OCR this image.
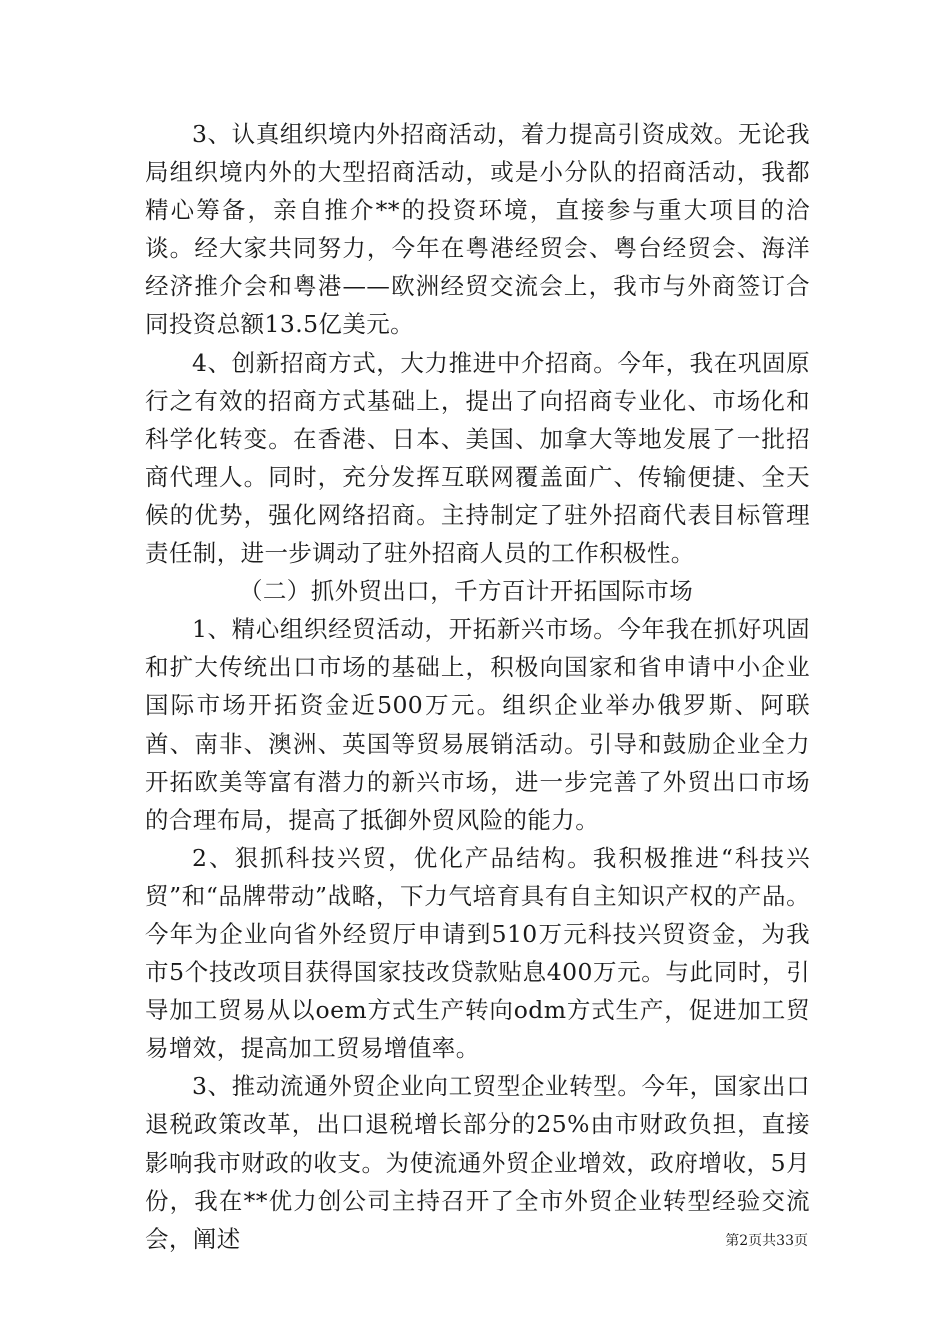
3、认真组织境内外招商活动，着力提高引资成效。无论我局组织境内外的大型招商活动，或是小分队的招商活动，我都精心筹备，亲自推介**的投资环境，直接参与重大项目的洽谈。经大家共同努力，今年在粤港经贸会、粤台经贸会、海洋经济推介会和粤港——欧洲经贸交流会上，我市与外商签订合同投资总额13.5亿美元。

4、创新招商方式，大力推进中介招商。今年，我在巩固原行之有效的招商方式基础上，提出了向招商专业化、市场化和科学化转变。在香港、日本、美国、加拿大等地发展了一批招商代理人。同时，充分发挥互联网覆盖面广、传输便捷、全天候的优势，强化网络招商。主持制定了驻外招商代表目标管理责任制，进一步调动了驻外招商人员的工作积极性。

（二）抓外贸出口，千方百计开拓国际市场

1、精心组织经贸活动，开拓新兴市场。今年我在抓好巩固和扩大传统出口市场的基础上，积极向国家和省申请中小企业国际市场开拓资金近500万元。组织企业举办俄罗斯、阿联酋、南非、澳洲、英国等贸易展销活动。引导和鼓励企业全力开拓欧美等富有潜力的新兴市场，进一步完善了外贸出口市场的合理布局，提高了抵御外贸风险的能力。

2、狠抓科技兴贸，优化产品结构。我积极推进“科技兴贸”和“品牌带动”战略，下力气培育具有自主知识产权的产品。今年为企业向省外经贸厅申请到510万元科技兴贸资金，为我市5个技改项目获得国家技改贷款贴息400万元。与此同时，引导加工贸易从以oem方式生产转向odm方式生产，促进加工贸易增效，提高加工贸易增值率。

3、推动流通外贸企业向工贸型企业转型。今年，国家出口退税政策改革，出口退税增长部分的25%由市财政负担，直接影响我市财政的收支。为使流通外贸企业增效，政府增收，5月份，我在**优力创公司主持召开了全市外贸企业转型经验交流会，阐述	第2页共33页
